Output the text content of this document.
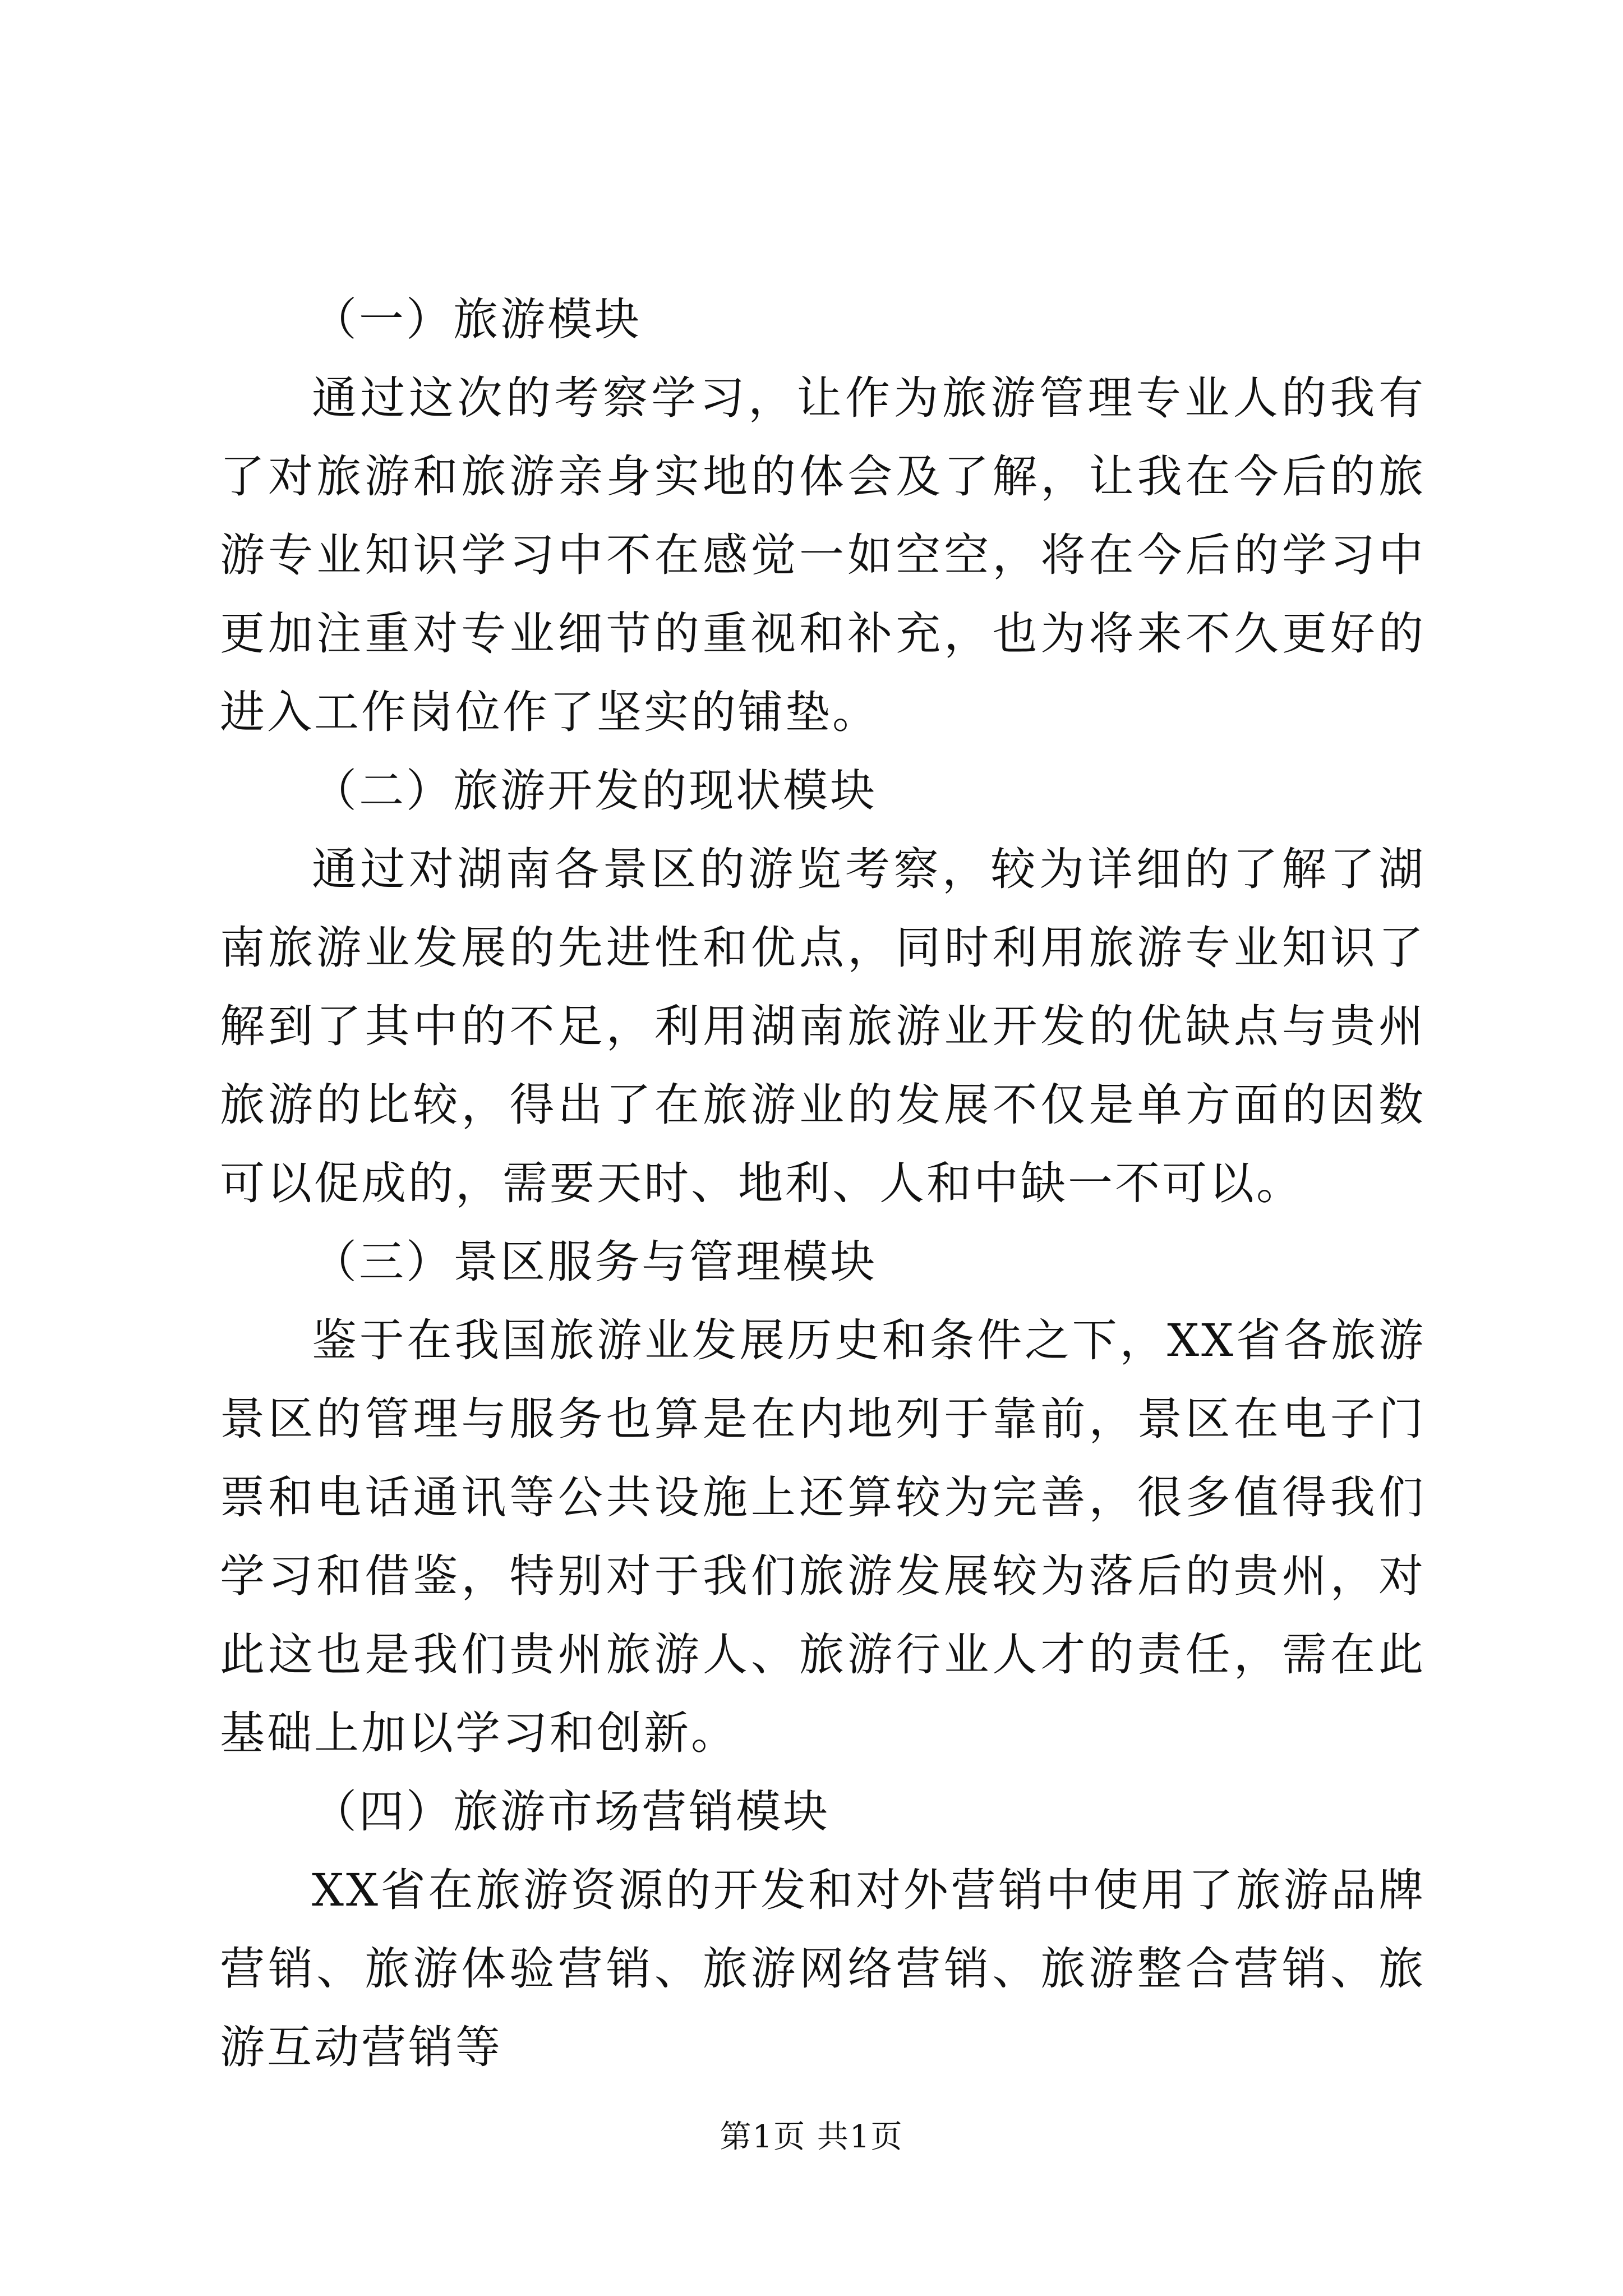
（一）旅游模块
通过这次的考察学习，让作为旅游管理专业人的我有了对旅游和旅游亲身实地的体会及了解，让我在今后的旅游专业知识学习中不在感觉一如空空，将在今后的学习中更加注重对专业细节的重视和补充，也为将来不久更好的进入工作岗位作了坚实的铺垫。
（二）旅游开发的现状模块
通过对湖南各景区的游览考察，较为详细的了解了湖南旅游业发展的先进性和优点，同时利用旅游专业知识了解到了其中的不足，利用湖南旅游业开发的优缺点与贵州旅游的比较，得出了在旅游业的发展不仅是单方面的因数可以促成的，需要天时、地利、人和中缺一不可以。
（三）景区服务与管理模块
鉴于在我国旅游业发展历史和条件之下，XX省各旅游景区的管理与服务也算是在内地列于靠前，景区在电子门票和电话通讯等公共设施上还算较为完善，很多值得我们学习和借鉴，特别对于我们旅游发展较为落后的贵州，对此这也是我们贵州旅游人、旅游行业人才的责任，需在此基础上加以学习和创新。
（四）旅游市场营销模块
XX省在旅游资源的开发和对外营销中使用了旅游品牌营销、旅游体验营销、旅游网络营销、旅游整合营销、旅游互动营销等
第1页 共1页
